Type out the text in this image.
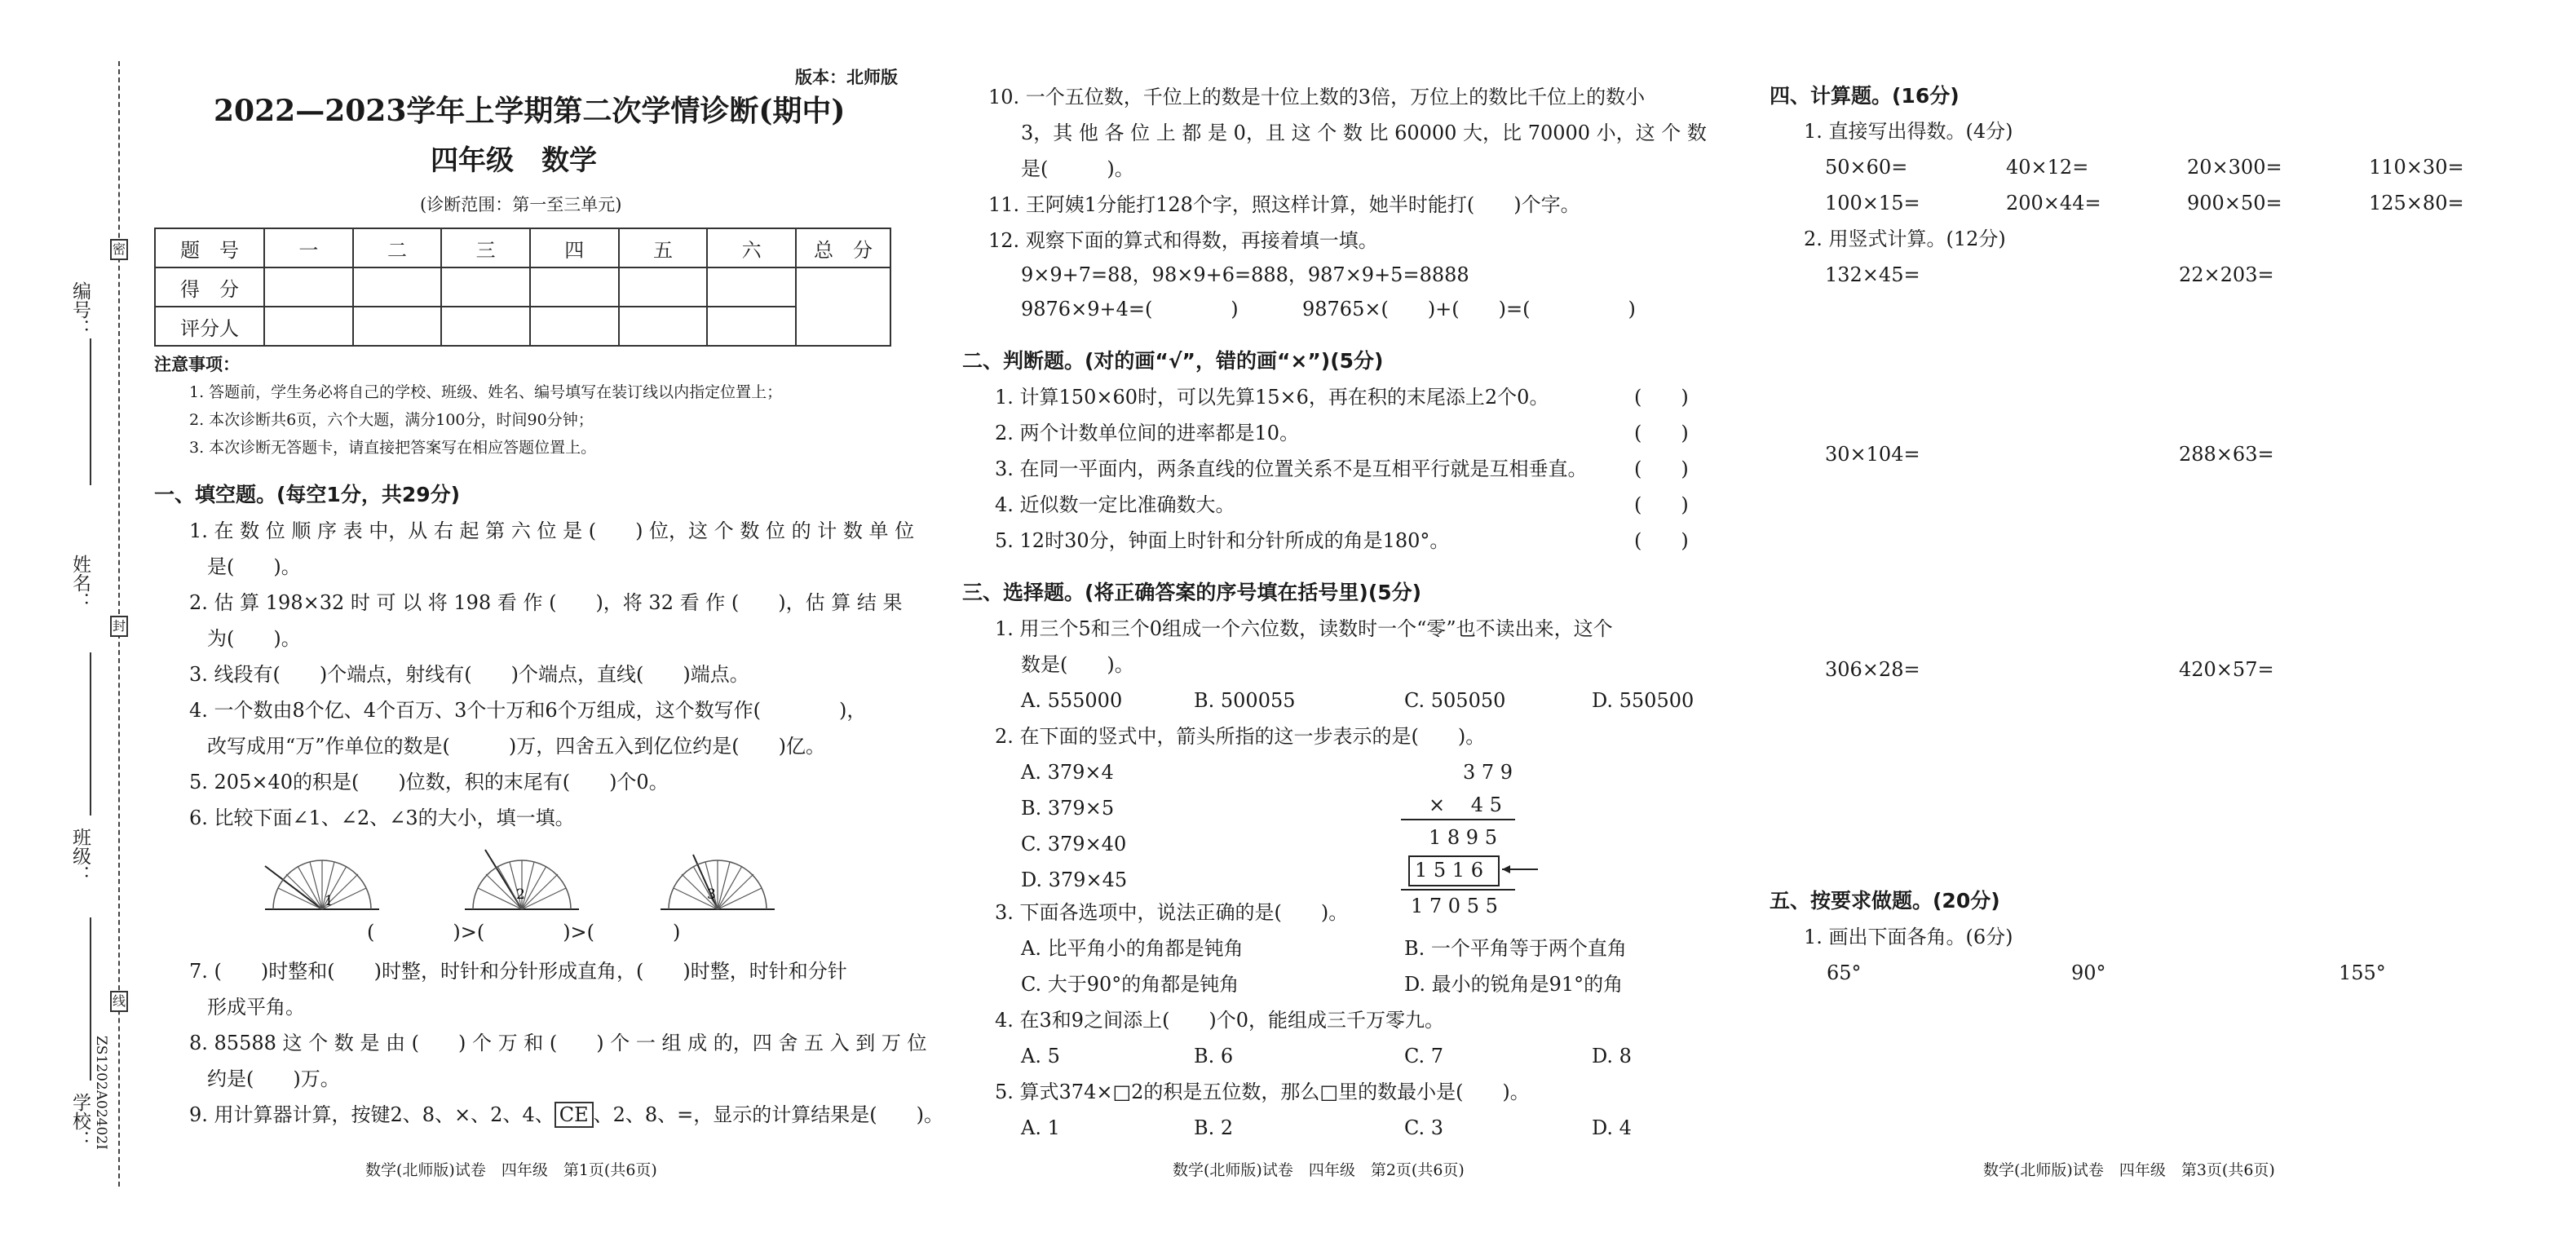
密
封
线
编号：
姓名：
班级：
学校： ZS1202A02402I
版本：北师版
2022—2023学年上学期第二次学情诊断(期中)
四年级　数学
(诊断范围：第一至三单元)
题　号	一	二	三	四	五	六	总　分
得　分							
评分人							
注意事项：
1. 答题前，学生务必将自己的学校、班级、姓名、编号填写在装订线以内指定位置上；
2. 本次诊断共6页，六个大题，满分100分，时间90分钟；
3. 本次诊断无答题卡，请直接把答案写在相应答题位置上。
一、填空题。(每空1分，共29分)
1. 在 数 位 顺 序 表 中，从 右 起 第 六 位 是 (　　) 位，这 个 数 位 的 计 数 单 位
是(　　)。
2. 估 算 198×32 时 可 以 将 198 看 作 (　　)，将 32 看 作 (　　)，估 算 结 果
为(　　)。
3. 线段有(　　)个端点，射线有(　　)个端点，直线(　　)端点。
4. 一个数由8个亿、4个百万、3个十万和6个万组成，这个数写作(　　　　)，
改写成用“万”作单位的数是(　　　)万，四舍五入到亿位约是(　　)亿。
5. 205×40的积是(　　)位数，积的末尾有(　　)个0。
6. 比较下面∠1、∠2、∠3的大小，填一填。
1	2	3
(　　　　)>(　　　　)>(　　　　)
7. (　　)时整和(　　)时整，时针和分针形成直角，(　　)时整，时针和分针
形成平角。
8. 85588 这 个 数 是 由 (　　) 个 万 和 (　　) 个 一 组 成 的，四 舍 五 入 到 万 位
约是(　　)万。
9. 用计算器计算，按键2、8、×、2、4、 CE 、2、8、=，显示的计算结果是(　　)。
数学(北师版)试卷　四年级　第1页(共6页)
10. 一个五位数，千位上的数是十位上数的3倍，万位上的数比千位上的数小
3，其 他 各 位 上 都 是 0，且 这 个 数 比 60000 大，比 70000 小，这 个 数
是(　　　)。
11. 王阿姨1分能打128个字，照这样计算，她半时能打(　　)个字。
12. 观察下面的算式和得数，再接着填一填。
9×9+7=88，98×9+6=888，987×9+5=8888
9876×9+4=(　　　　)	98765×(　　)+(　　)=(　　　　　)
二、判断题。(对的画“√”，错的画“×”)(5分)
1. 计算150×60时，可以先算15×6，再在积的末尾添上2个0。	(　　)
2. 两个计数单位间的进率都是10。	(　　)
3. 在同一平面内，两条直线的位置关系不是互相平行就是互相垂直。 (　　)
4. 近似数一定比准确数大。	(　　)
5. 12时30分，钟面上时针和分针所成的角是180°。	(　　)
三、选择题。(将正确答案的序号填在括号里)(5分)
1. 用三个5和三个0组成一个六位数，读数时一个“零”也不读出来，这个
数是(　　)。
A. 555000	B. 500055	C. 505050	D. 550500
2. 在下面的竖式中，箭头所指的这一步表示的是(　　)。
A. 379×4
B. 379×5
C. 379×40
D. 379×45
3 7 9
×　 4 5
1 8 9 5
1 5 1 6
1 7 0 5 5
3. 下面各选项中，说法正确的是(　　)。
A. 比平角小的角都是钝角	B. 一个平角等于两个直角
C. 大于90°的角都是钝角	D. 最小的锐角是91°的角
4. 在3和9之间添上(　　)个0，能组成三千万零九。
A. 5	B. 6	C. 7	D. 8
5. 算式374×□2的积是五位数，那么□里的数最小是(　　)。
A. 1	B. 2	C. 3	D. 4
数学(北师版)试卷　四年级　第2页(共6页)
四、计算题。(16分)
1. 直接写出得数。(4分)
50×60=	40×12=	20×300=	110×30=
100×15=	200×44=	900×50=	125×80=
2. 用竖式计算。(12分)
132×45=	22×203=
30×104=	288×63=
306×28=	420×57=
五、按要求做题。(20分)
1. 画出下面各角。(6分)
65°	90°	155°
数学(北师版)试卷　四年级　第3页(共6页)
